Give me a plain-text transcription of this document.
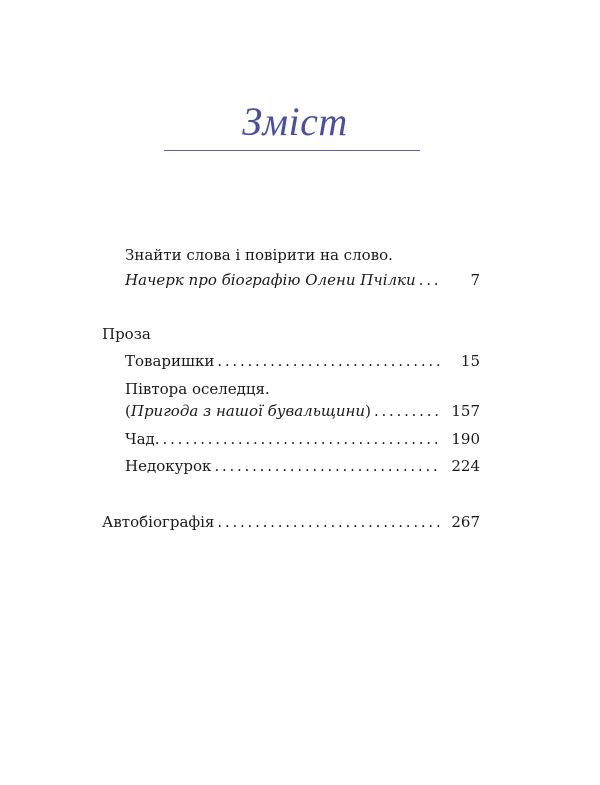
Зміст
Знайти слова і повірити на слово.
Начерк про біографію Олени Пчілки . . .	7
Проза
Товаришки . . .	15
Півтора оселедця.
(Пригода з нашої бувальщини) . . .	157
Чад. . . .	190
Недокурок . . .	224
Автобіографія . . .	267
